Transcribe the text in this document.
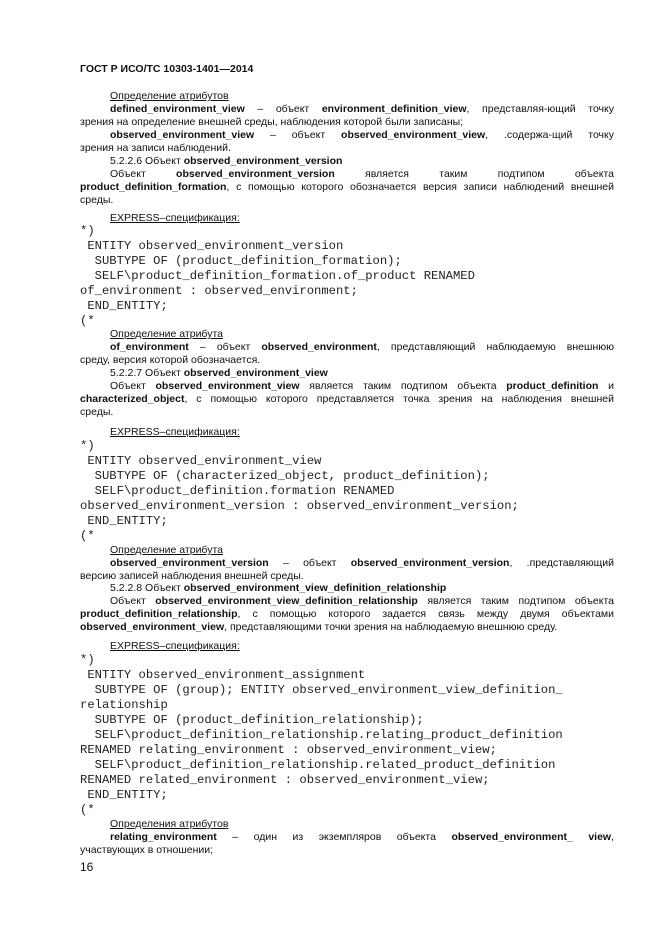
ГОСТ Р ИСО/ТС 10303-1401—2014
Определение атрибутов
defined_environment_view – объект environment_definition_view, представляя-ющий точку
зрения на определение внешней среды, наблюдения которой были записаны;
observed_environment_view – объект observed_environment_view, .содержа-щий точку
зрения на записи наблюдений.
5.2.2.6 Объект observed_environment_version
Объект observed_environment_version является таким подтипом объекта
product_definition_formation, с помощью которого обозначается версия записи наблюдений внешней
среды.
EXPRESS–спецификация:
*)
ENTITY observed_environment_version
SUBTYPE OF (product_definition_formation);
SELF\product_definition_formation.of_product RENAMED
of_environment : observed_environment;
END_ENTITY;
(*
Определение атрибута
of_environment – объект observed_environment, представляющий наблюдаемую внешнюю
среду, версия которой обозначается.
5.2.2.7 Объект observed_environment_view
Объект observed_environment_view является таким подтипом объекта product_definition и
characterized_object, с помощью которого представляется точка зрения на наблюдения внешней
среды.
EXPRESS–спецификация:
*)
ENTITY observed_environment_view
SUBTYPE OF (characterized_object, product_definition);
SELF\product_definition.formation RENAMED
observed_environment_version : observed_environment_version;
END_ENTITY;
(*
Определение атрибута
observed_environment_version – объект observed_environment_version, .представляющий
версию записей наблюдения внешней среды.
5.2.2.8 Объект observed_environment_view_definition_relationship
Объект observed_environment_view_definition_relationship является таким подтипом объекта
product_definition_relationship, с помощью которого задается связь между двумя объектами
observed_environment_view, представляющими точки зрения на наблюдаемую внешнюю среду.
EXPRESS–спецификация:
*)
ENTITY observed_environment_assignment
SUBTYPE OF (group); ENTITY observed_environment_view_definition_
relationship
SUBTYPE OF (product_definition_relationship);
SELF\product_definition_relationship.relating_product_definition
RENAMED relating_environment : observed_environment_view;
SELF\product_definition_relationship.related_product_definition
RENAMED related_environment : observed_environment_view;
END_ENTITY;
(*
Определения атрибутов
relating_environment – один из экземпляров объекта observed_environment_ view,
участвующих в отношении;
16
